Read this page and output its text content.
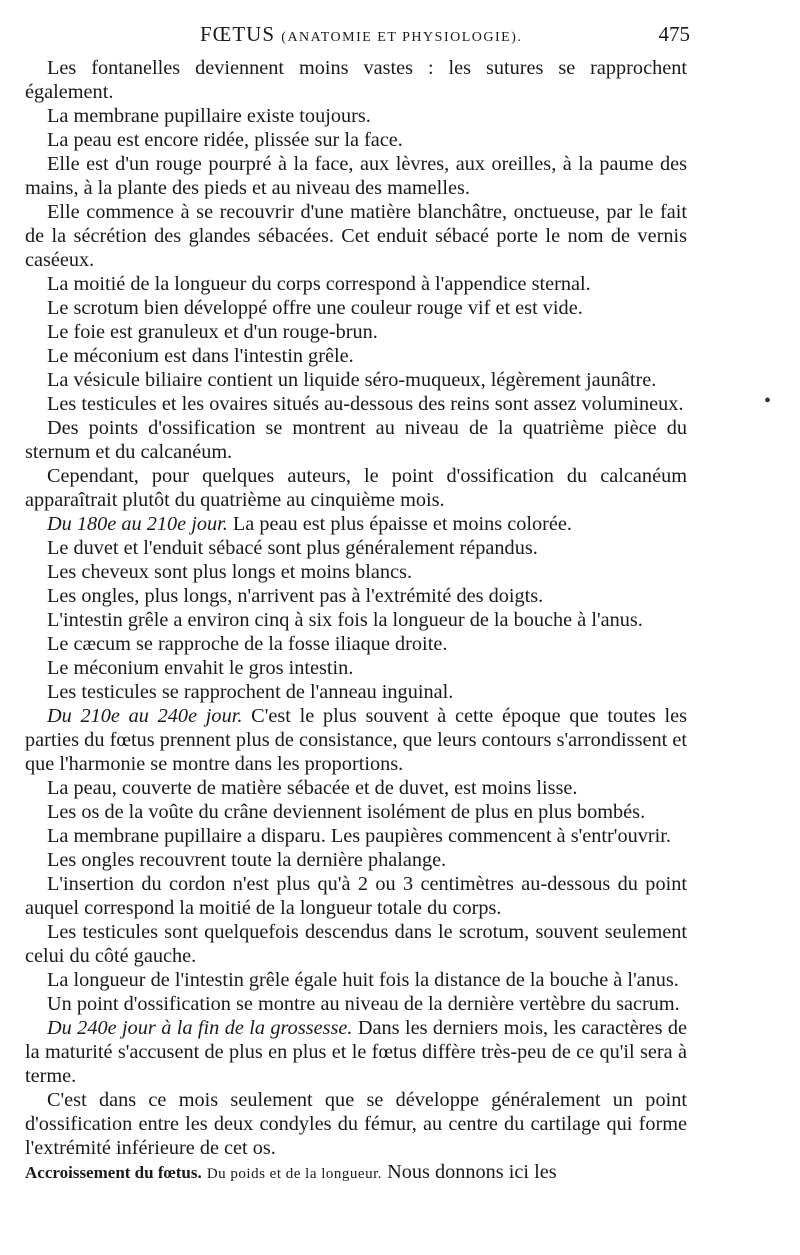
FŒTUS (ANATOMIE ET PHYSIOLOGIE).	475

Les fontanelles deviennent moins vastes : les sutures se rapprochent également.

La membrane pupillaire existe toujours.

La peau est encore ridée, plissée sur la face.

Elle est d'un rouge pourpré à la face, aux lèvres, aux oreilles, à la paume des mains, à la plante des pieds et au niveau des mamelles.

Elle commence à se recouvrir d'une matière blanchâtre, onctueuse, par le fait de la sécrétion des glandes sébacées. Cet enduit sébacé porte le nom de vernis caséeux.

La moitié de la longueur du corps correspond à l'appendice sternal.

Le scrotum bien développé offre une couleur rouge vif et est vide.

Le foie est granuleux et d'un rouge-brun.

Le méconium est dans l'intestin grêle.

La vésicule biliaire contient un liquide séro-muqueux, légèrement jaunâtre.

Les testicules et les ovaires situés au-dessous des reins sont assez volumineux.

Des points d'ossification se montrent au niveau de la quatrième pièce du sternum et du calcanéum.

Cependant, pour quelques auteurs, le point d'ossification du calcanéum apparaîtrait plutôt du quatrième au cinquième mois.

Du 180e au 210e jour. La peau est plus épaisse et moins colorée.

Le duvet et l'enduit sébacé sont plus généralement répandus.

Les cheveux sont plus longs et moins blancs.

Les ongles, plus longs, n'arrivent pas à l'extrémité des doigts.

L'intestin grêle a environ cinq à six fois la longueur de la bouche à l'anus.

Le cæcum se rapproche de la fosse iliaque droite.

Le méconium envahit le gros intestin.

Les testicules se rapprochent de l'anneau inguinal.

Du 210e au 240e jour. C'est le plus souvent à cette époque que toutes les parties du fœtus prennent plus de consistance, que leurs contours s'arrondissent et que l'harmonie se montre dans les proportions.

La peau, couverte de matière sébacée et de duvet, est moins lisse.

Les os de la voûte du crâne deviennent isolément de plus en plus bombés.

La membrane pupillaire a disparu. Les paupières commencent à s'entr'ouvrir.

Les ongles recouvrent toute la dernière phalange.

L'insertion du cordon n'est plus qu'à 2 ou 3 centimètres au-dessous du point auquel correspond la moitié de la longueur totale du corps.

Les testicules sont quelquefois descendus dans le scrotum, souvent seulement celui du côté gauche.

La longueur de l'intestin grêle égale huit fois la distance de la bouche à l'anus.

Un point d'ossification se montre au niveau de la dernière vertèbre du sacrum.

Du 240e jour à la fin de la grossesse. Dans les derniers mois, les caractères de la maturité s'accusent de plus en plus et le fœtus diffère très-peu de ce qu'il sera à terme.

C'est dans ce mois seulement que se développe généralement un point d'ossification entre les deux condyles du fémur, au centre du cartilage qui forme l'extrémité inférieure de cet os.

Accroissement du fœtus. Du poids et de la longueur. Nous donnons ici les

•
